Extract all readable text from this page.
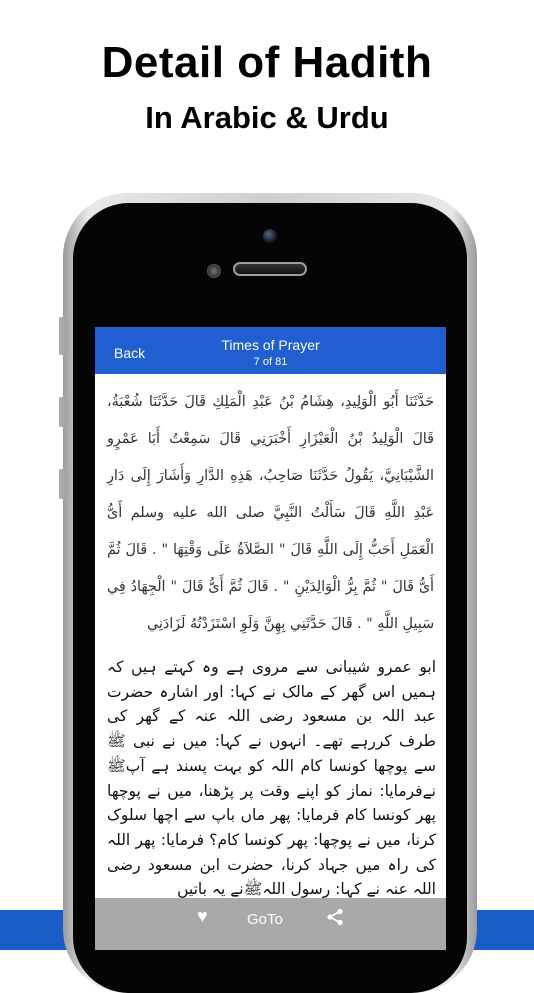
Detail of Hadith
In Arabic & Urdu
Back	Times of Prayer
7 of 81
حَدَّثَنَا أَبُو الْوَلِيدِ، هِشَامُ بْنُ عَبْدِ الْمَلِكِ قَالَ حَدَّثَنَا شُعْبَةُ، قَالَ الْوَلِيدُ بْنُ الْعَيْزَارِ أَخْبَرَنِي قَالَ سَمِعْتُ أَبَا عَمْرٍو الشَّيْبَانِيَّ، يَقُولُ حَدَّثَنَا صَاحِبُ، هَذِهِ الدَّارِ وَأَشَارَ إِلَى دَارِ عَبْدِ اللَّهِ قَالَ سَأَلْتُ النَّبِيَّ صلى الله عليه وسلم أَىُّ الْعَمَلِ أَحَبُّ إِلَى اللَّهِ قَالَ " الصَّلاَةُ عَلَى وَقْتِهَا " . قَالَ ثُمَّ أَىُّ قَالَ " ثُمَّ بِرُّ الْوَالِدَيْنِ " . قَالَ ثُمَّ أَىُّ قَالَ " الْجِهَادُ فِي سَبِيلِ اللَّهِ " . قَالَ حَدَّثَنِي بِهِنَّ وَلَوِ اسْتَزَدْتُهُ لَزَادَنِي
ابو عمرو شیبانی سے مروی ہے وہ کہتے ہیں کہ ہمیں اس گھر کے مالک نے کہا: اور اشارہ حضرت عبد اللہ بن مسعود رضی اللہ عنہ کے گھر کی طرف کررہے تھے۔ انہوں نے کہا: میں نے نبی ﷺ سے پوچھا کونسا کام اللہ کو بہت پسند ہے آپﷺ نےفرمایا: نماز کو اپنے وقت پر پڑھنا، میں نے پوچھا پھر کونسا کام فرمایا: پھر ماں باپ سے اچھا سلوک کرنا، میں نے پوچھا: پھر کونسا کام؟ فرمایا: پھر اللہ کی راہ میں جہاد کرنا، حضرت ابن مسعود رضی اللہ عنہ نے کہا: رسول اللہﷺنے یہ باتیں
♥	GoTo
